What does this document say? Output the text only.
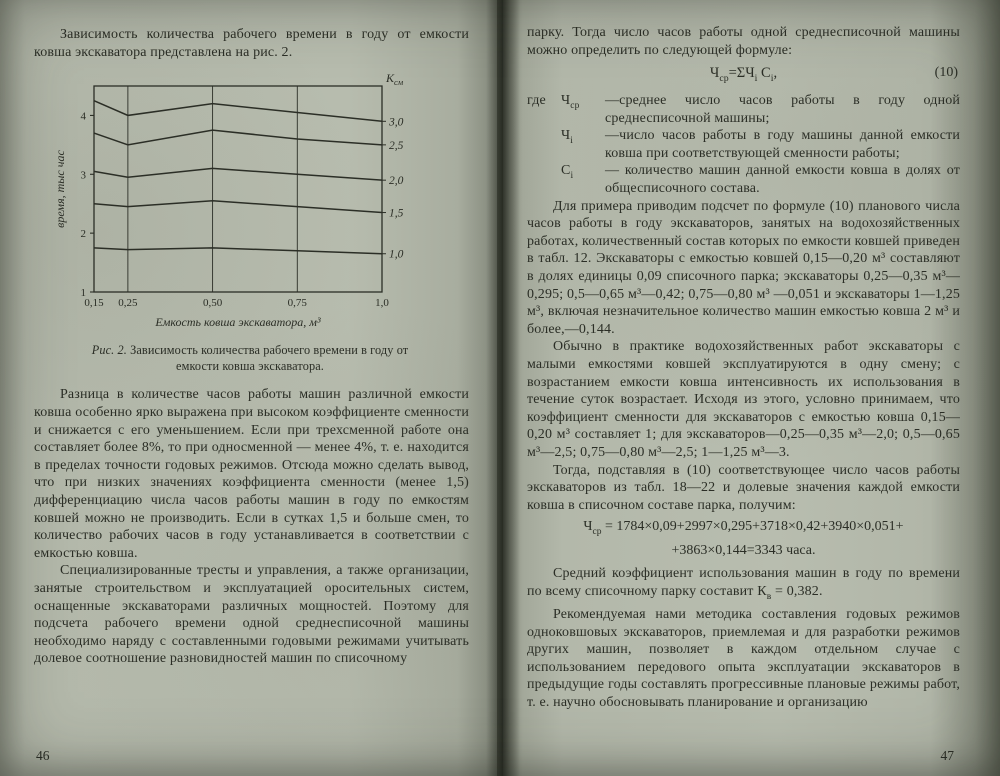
Зависимость количества рабочего времени в году от емкости ковша экскаватора представлена на рис. 2.

4
3
2
1
0,15 0,25	0,50	0,75	1,0
3,0
2,5
2,0
1,5
1,0
Емкость ковша экскаватора, м³
время, тыс час
$К_{см}$
Рис. 2. Зависимость количества рабочего времени в году от емкости ковша экскаватора.

Разница в количестве часов работы машин различной емкости ковша особенно ярко выражена при высоком коэффициенте сменности и снижается с его уменьшением. Если при трехсменной работе она составляет более 8%, то при односменной — менее 4%, т. е. находится в пределах точности годовых режимов. Отсюда можно сделать вывод, что при низких значениях коэффициента сменности (менее 1,5) дифференциацию числа часов работы машин в году по емкостям ковшей можно не производить. Если в сутках 1,5 и больше смен, то количество рабочих часов в году устанавливается в соответствии с емкостью ковша.

Специализированные тресты и управления, а также организации, занятые строительством и эксплуатацией оросительных систем, оснащенные экскаваторами различных мощностей. Поэтому для подсчета рабочего времени одной среднесписочной машины необходимо наряду с составленными годовыми режимами учитывать долевое соотношение разновидностей машин по списочному

46

парку. Тогда число часов работы одной среднесписочной машины можно определить по следующей формуле:

$Ч_{ср}=\Sigma Ч_i$ $С_i$,	(10)
где	$Ч_{ср}$	—среднее число часов работы в году одной среднесписочной машины;
$Ч_i$	—число часов работы в году машины данной емкости ковша при соответствующей сменности работы;
$С_i$	— количество машин данной емкости ковша в долях от общесписочного состава.

Для примера приводим подсчет по формуле (10) планового числа часов работы в году экскаваторов, занятых на водохозяйственных работах, количественный состав которых по емкости ковшей приведен в табл. 12. Экскаваторы с емкостью ковшей 0,15—0,20 м³ составляют в долях единицы 0,09 списочного парка; экскаваторы 0,25—0,35 м³—0,295; 0,5—0,65 м³—0,42; 0,75—0,80 м³ —0,051 и экскаваторы 1—1,25 м³, включая незначительное количество машин емкостью ковша 2 м³ и более,—0,144.

Обычно в практике водохозяйственных работ экскаваторы с малыми емкостями ковшей эксплуатируются в одну смену; с возрастанием емкости ковша интенсивность их использования в течение суток возрастает. Исходя из этого, условно принимаем, что коэффициент сменности для экскаваторов с емкостью ковша 0,15—0,20 м³ составляет 1; для экскаваторов—0,25—0,35 м³—2,0; 0,5—0,65 м³—2,5; 0,75—0,80 м³—2,5; 1—1,25 м³—3.

Тогда, подставляя в (10) соответствующее число часов работы экскаваторов из табл. 18—22 и долевые значения каждой емкости ковша в списочном составе парка, получим:

$Ч_{ср} = 1784\times 0,09+2997\times 0,295+3718\times 0,42+3940\times 0,051+$
+3863×0,144=3343 часа.

Средний коэффициент использования машин в году по времени по всему списочному парку составит $К_в = 0,382$.

Рекомендуемая нами методика составления годовых режимов одноковшовых экскаваторов, приемлемая и для разработки режимов других машин, позволяет в каждом отдельном случае с использованием передового опыта эксплуатации экскаваторов в предыдущие годы составлять прогрессивные плановые режимы работ, т. е. научно обосновывать планирование и организацию

47
